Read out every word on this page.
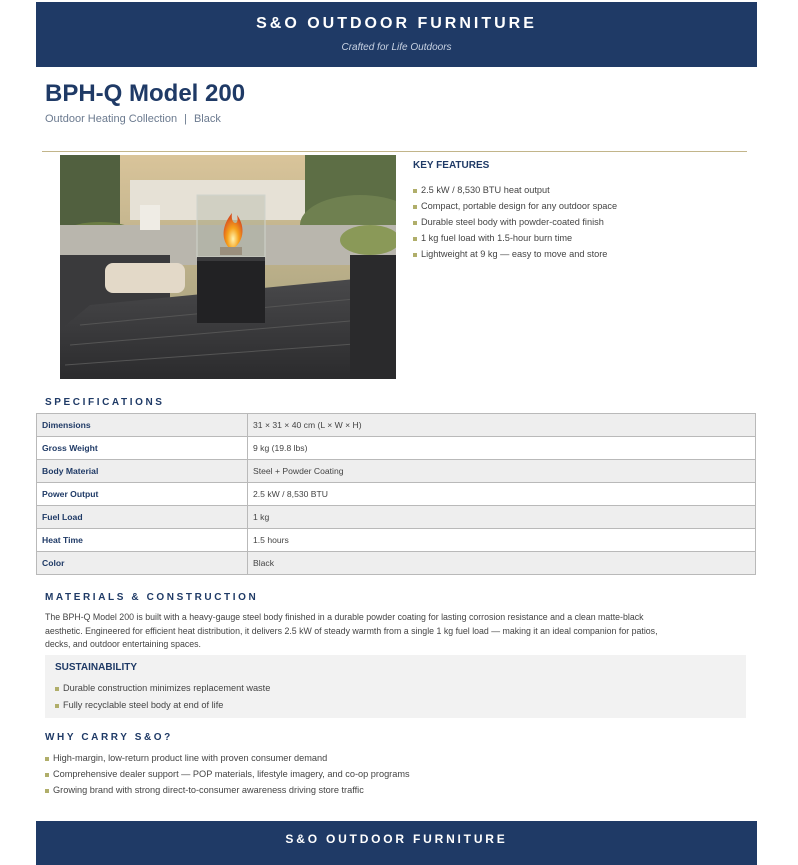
S&O OUTDOOR FURNITURE
Crafted for Life Outdoors
BPH-Q Model 200
Outdoor Heating Collection | Black
KEY FEATURES
2.5 kW / 8,530 BTU heat output
Compact, portable design for any outdoor space
Durable steel body with powder-coated finish
1 kg fuel load with 1.5-hour burn time
Lightweight at 9 kg — easy to move and store
SPECIFICATIONS
Dimensions	31 × 31 × 40 cm (L × W × H)
Gross Weight	9 kg (19.8 lbs)
Body Material	Steel + Powder Coating
Power Output	2.5 kW / 8,530 BTU
Fuel Load	1 kg
Heat Time	1.5 hours
Color	Black
MATERIALS & CONSTRUCTION
The BPH-Q Model 200 is built with a heavy-gauge steel body finished in a durable powder coating for lasting corrosion resistance and a clean matte-black
aesthetic. Engineered for efficient heat distribution, it delivers 2.5 kW of steady warmth from a single 1 kg fuel load — making it an ideal companion for patios,
decks, and outdoor entertaining spaces.
SUSTAINABILITY
Durable construction minimizes replacement waste
Fully recyclable steel body at end of life
WHY CARRY S&O?
High-margin, low-return product line with proven consumer demand
Comprehensive dealer support — POP materials, lifestyle imagery, and co-op programs
Growing brand with strong direct-to-consumer awareness driving store traffic
S&O OUTDOOR FURNITURE
